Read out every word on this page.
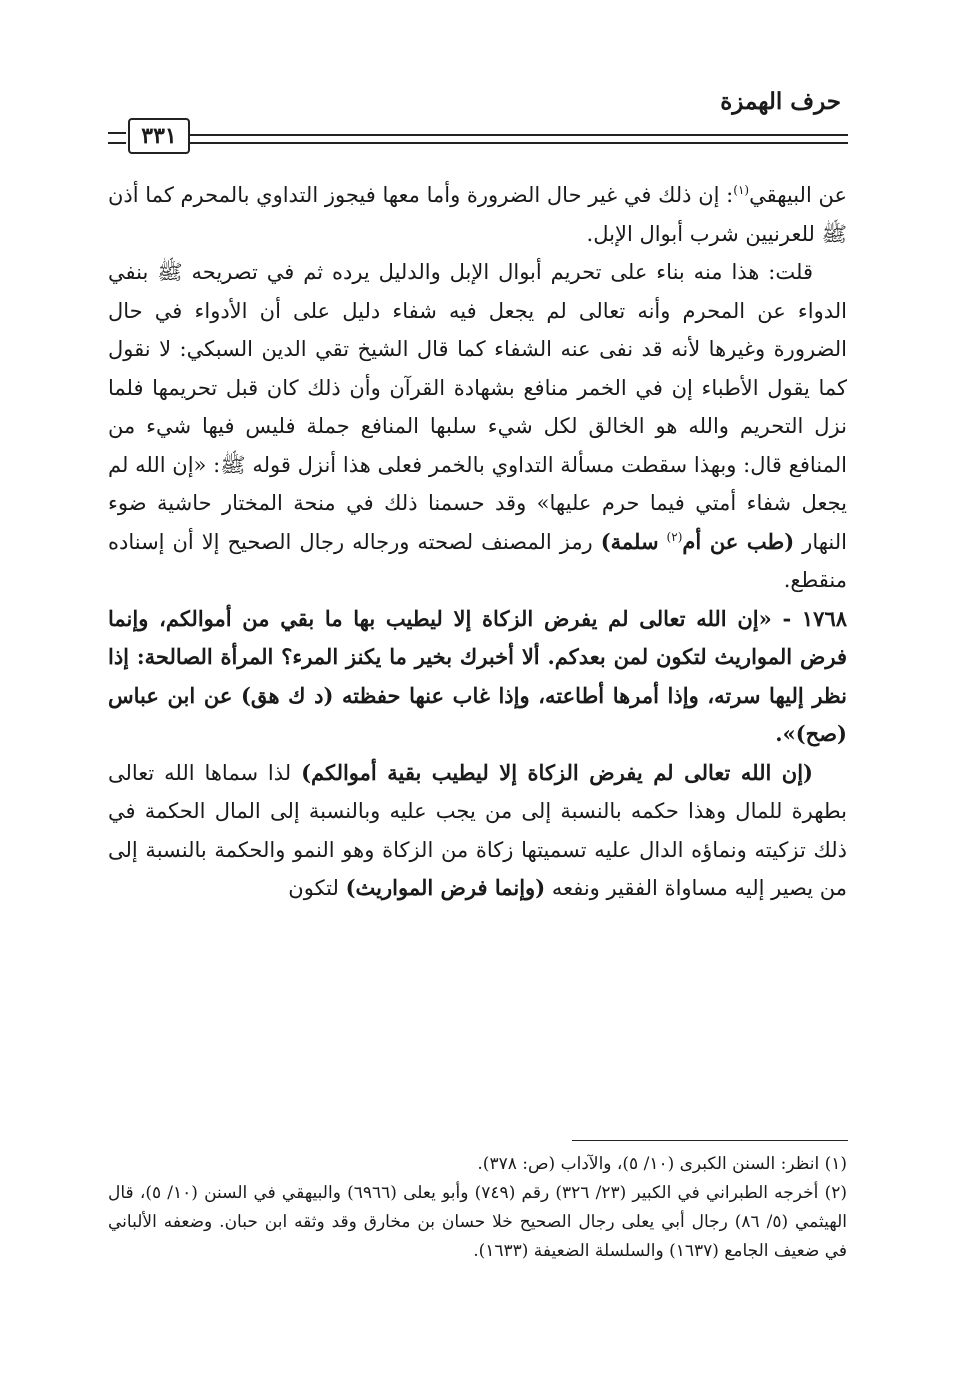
حرف الهمزة
٣٣١

عن البيهقي$^{(١)}$: إن ذلك في غير حال الضرورة وأما معها فيجوز التداوي بالمحرم كما أذن ﷺ للعرنيين شرب أبوال الإبل.

قلت: هذا منه بناء على تحريم أبوال الإبل والدليل يرده ثم في تصريحه ﷺ بنفي الدواء عن المحرم وأنه تعالى لم يجعل فيه شفاء دليل على أن الأدواء في حال الضرورة وغيرها لأنه قد نفى عنه الشفاء كما قال الشيخ تقي الدين السبكي: لا نقول كما يقول الأطباء إن في الخمر منافع بشهادة القرآن وأن ذلك كان قبل تحريمها فلما نزل التحريم والله هو الخالق لكل شيء سلبها المنافع جملة فليس فيها شيء من المنافع قال: وبهذا سقطت مسألة التداوي بالخمر فعلى هذا أنزل قوله ﷺ: «إن الله لم يجعل شفاء أمتي فيما حرم عليها» وقد حسمنا ذلك في منحة المختار حاشية ضوء النهار (طب عن أم$^{(٢)}$ سلمة) رمز المصنف لصحته ورجاله رجال الصحيح إلا أن إسناده منقطع.

١٧٦٨ - «إن الله تعالى لم يفرض الزكاة إلا ليطيب بها ما بقي من أموالكم، وإنما فرض المواريث لتكون لمن بعدكم. ألا أخبرك بخير ما يكنز المرء؟ المرأة الصالحة: إذا نظر إليها سرته، وإذا أمرها أطاعته، وإذا غاب عنها حفظته (د ك هق) عن ابن عباس (صح)».

(إن الله تعالى لم يفرض الزكاة إلا ليطيب بقية أموالكم) لذا سماها الله تعالى بطهرة للمال وهذا حكمه بالنسبة إلى من يجب عليه وبالنسبة إلى المال الحكمة في ذلك تزكيته ونماؤه الدال عليه تسميتها زكاة من الزكاة وهو النمو والحكمة بالنسبة إلى من يصير إليه مساواة الفقير ونفعه (وإنما فرض المواريث) لتكون

(١) انظر: السنن الكبرى (١٠/ ٥)، والآداب (ص: ٣٧٨).

(٢) أخرجه الطبراني في الكبير (٢٣/ ٣٢٦) رقم (٧٤٩) وأبو يعلى (٦٩٦٦) والبيهقي في السنن (١٠/ ٥)، قال الهيثمي (٥/ ٨٦) رجال أبي يعلى رجال الصحيح خلا حسان بن مخارق وقد وثقه ابن حبان. وضعفه الألباني في ضعيف الجامع (١٦٣٧) والسلسلة الضعيفة (١٦٣٣).
